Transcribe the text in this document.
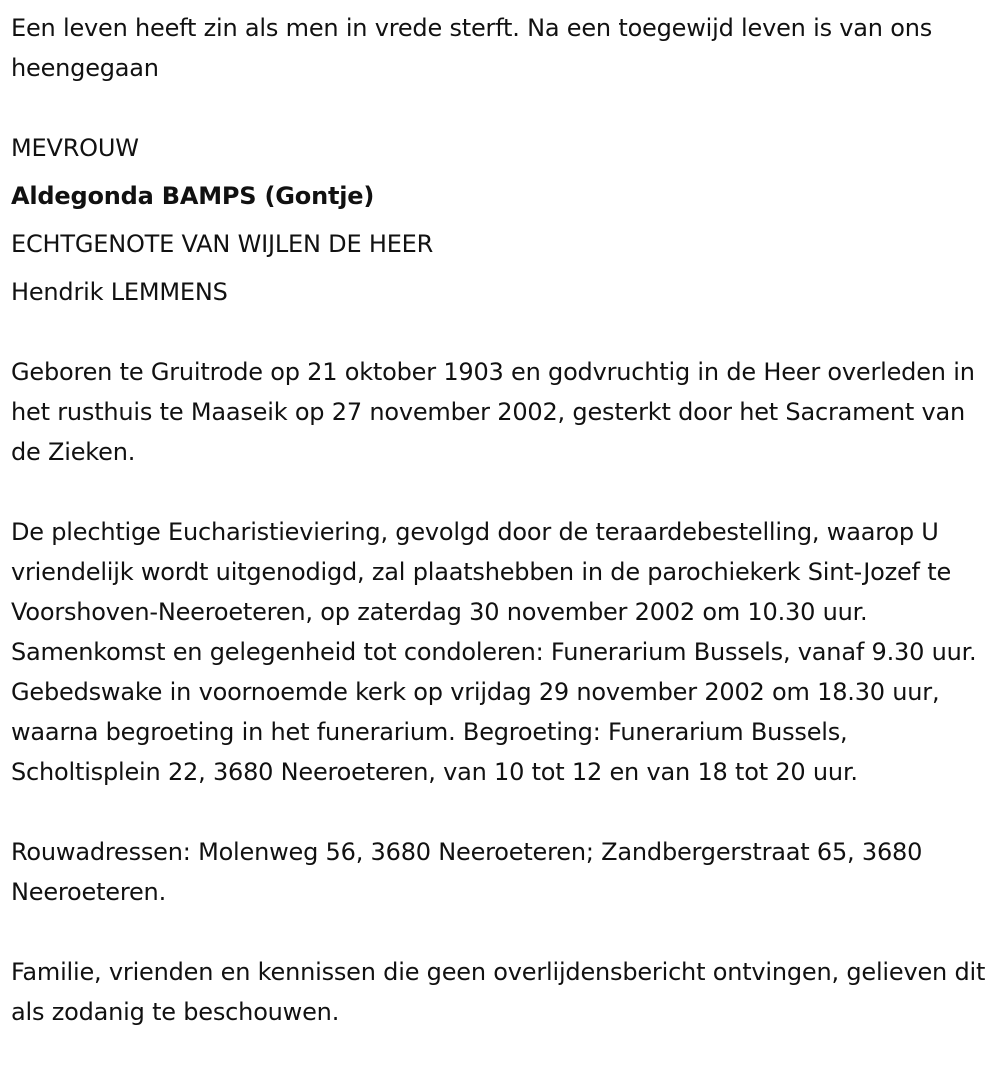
Een leven heeft zin als men in vrede sterft. Na een toegewijd leven is van ons heengegaan

MEVROUW

Aldegonda BAMPS (Gontje)

ECHTGENOTE VAN WIJLEN DE HEER

Hendrik LEMMENS

Geboren te Gruitrode op 21 oktober 1903 en godvruchtig in de Heer overleden in het rusthuis te Maaseik op 27 november 2002, gesterkt door het Sacrament van de Zieken.

De plechtige Eucharistieviering, gevolgd door de teraardebestelling, waarop U vriendelijk wordt uitgenodigd, zal plaatshebben in de parochiekerk Sint-Jozef te Voorshoven-Neeroeteren, op zaterdag 30 november 2002 om 10.30 uur. Samenkomst en gelegenheid tot condoleren: Funerarium Bussels, vanaf 9.30 uur. Gebedswake in voornoemde kerk op vrijdag 29 november 2002 om 18.30 uur, waarna begroeting in het funerarium. Begroeting: Funerarium Bussels, Scholtisplein 22, 3680 Neeroeteren, van 10 tot 12 en van 18 tot 20 uur.

Rouwadressen: Molenweg 56, 3680 Neeroeteren; Zandbergerstraat 65, 3680 Neeroeteren.

Familie, vrienden en kennissen die geen overlijdensbericht ontvingen, gelieven dit als zodanig te beschouwen.
